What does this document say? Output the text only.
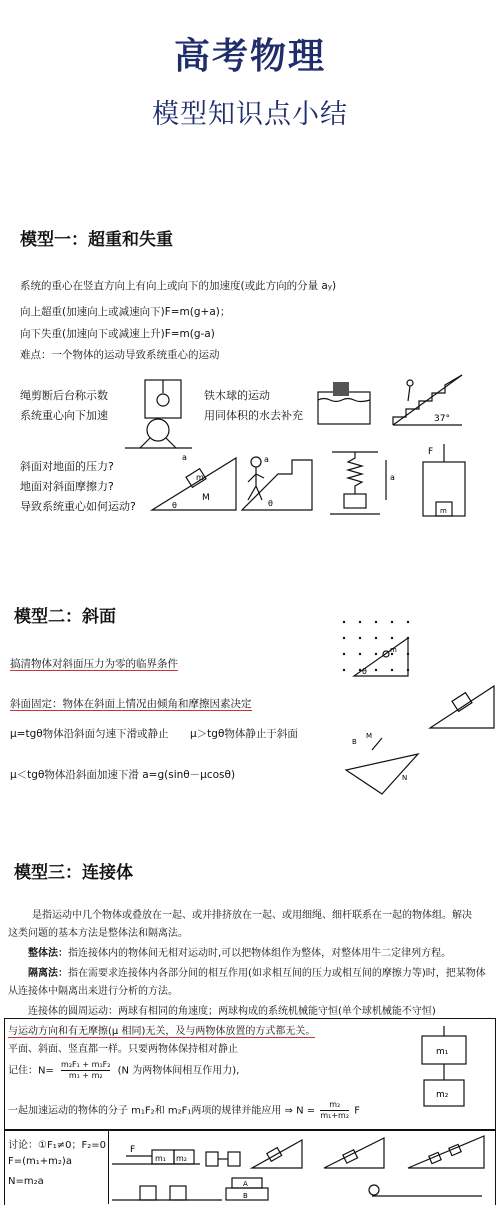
高考物理
模型知识点小结
模型一：超重和失重
系统的重心在竖直方向上有向上或向下的加速度(或此方向的分量 ay)
向上超重(加速向上或减速向下)F=m(g+a)；
向下失重(加速向下或减速上升)F=m(g-a)
难点：一个物体的运动导致系统重心的运动
绳剪断后台称示数
系统重心向下加速
铁木球的运动
用同体积的水去补充
斜面对地面的压力?
地面对斜面摩擦力?
导致系统重心如何运动?
37°
m
M
θ
a
θ
a
a
F
m
模型二：斜面
搞清物体对斜面压力为零的临界条件
斜面固定：物体在斜面上情况由倾角和摩擦因素决定
μ=tgθ物体沿斜面匀速下滑或静止 μ＞tgθ物体静止于斜面
μ＜tgθ物体沿斜面加速下滑 a=g(sinθ－μcosθ)
θ
m
B
M
N
模型三：连接体
是指运动中几个物体或叠放在一起、或并排挤放在一起、或用细绳、细杆联系在一起的物体组。解决
这类问题的基本方法是整体法和隔离法。
整体法：指连接体内的物体间无相对运动时,可以把物体组作为整体，对整体用牛二定律列方程。
隔离法：指在需要求连接体内各部分间的相互作用(如求相互间的压力或相互间的摩擦力等)时，把某物体
从连接体中隔离出来进行分析的方法。
连接体的圆周运动：两球有相同的角速度；两球构成的系统机械能守恒(单个球机械能不守恒)
与运动方向和有无摩擦(μ 相同)无关，及与两物体放置的方式都无关。
平面、斜面、竖直都一样。只要两物体保持相对静止
记住：$N= \frac{\text{m₂F₁ + m₁F₂}}{\text{m₁ + m₂}} (N$ 为两物体间相互作用力),
一起加速运动的物体的分子 m₁F₂和 m₂F₁两项的规律并能应用 ⇒ $N = \frac{\text{m₂}}{\text{m₁+m₂}}$ F
m₁
m₂
讨论：①F₁≠0；F₂=0
F=(m₁+m₂)a
N=m₂a
F
m₁ m₂
A
B
